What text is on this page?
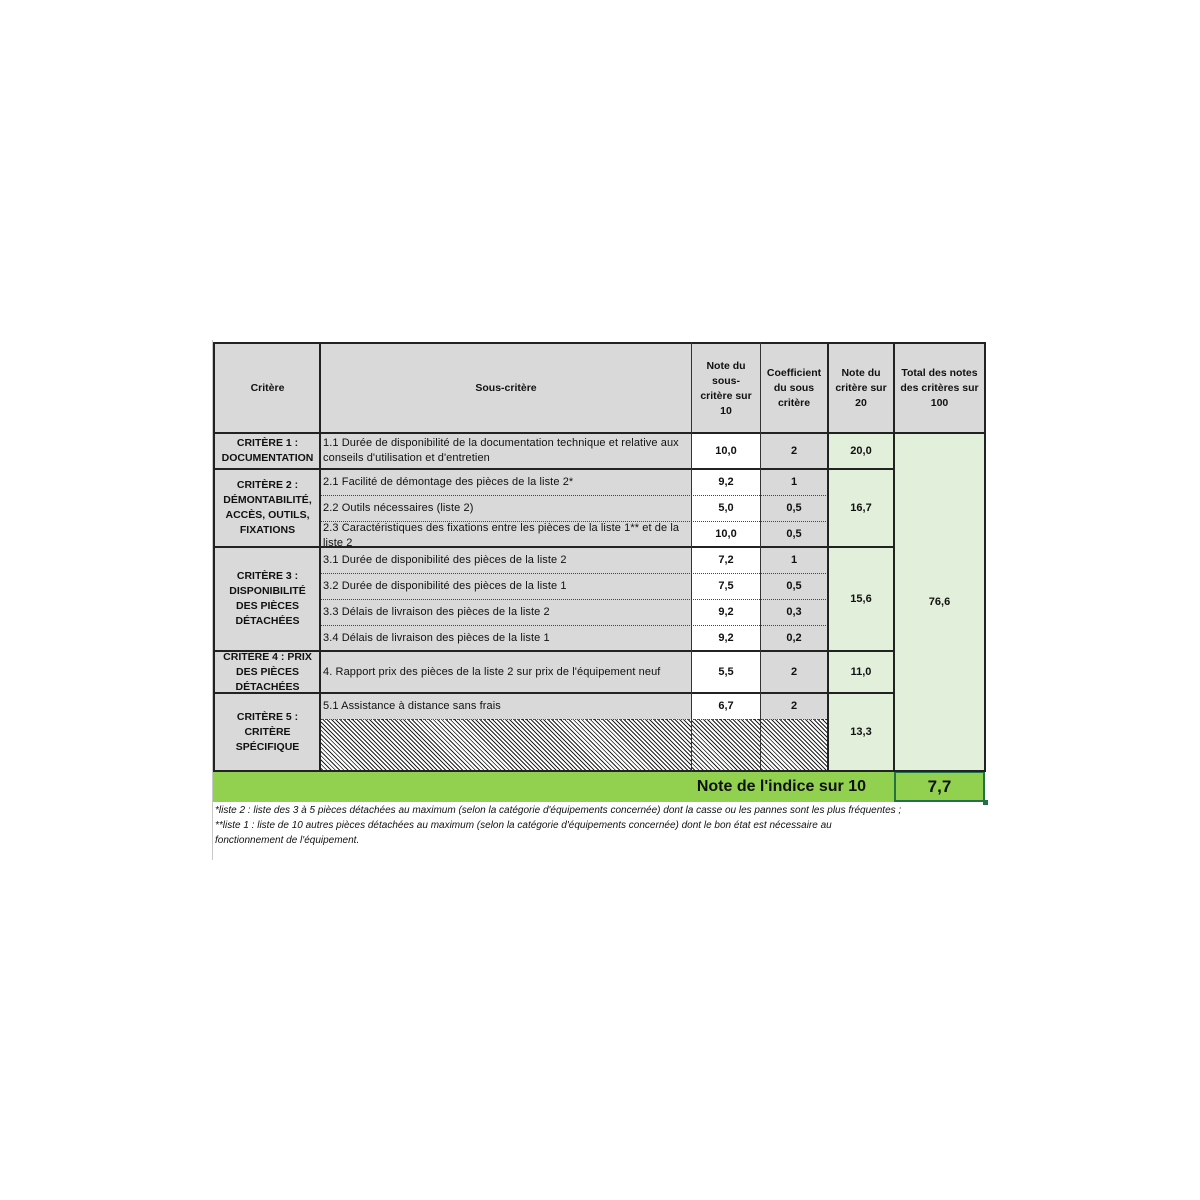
Critère	Sous-critère
Note du sous-critère sur 10
Coefficient du sous critère
Note du critère sur 20
Total des notes des critères sur 100
CRITÈRE 1 : DOCUMENTATION
CRITÈRE 2 : DÉMONTABILITÉ, ACCÈS, OUTILS, FIXATIONS
CRITÈRE 3 : DISPONIBILITÉ DES PIÈCES DÉTACHÉES
CRITÈRE 4 : PRIX DES PIÈCES DÉTACHÉES
CRITÈRE 5 : CRITÈRE SPÉCIFIQUE
1.1 Durée de disponibilité de la documentation technique et relative aux conseils d'utilisation et d'entretien
2.1 Facilité de démontage des pièces de la liste 2*
2.2 Outils nécessaires (liste 2)
2.3 Caractéristiques des fixations entre les pièces de la liste 1** et de la liste 2
3.1 Durée de disponibilité des pièces de la liste 2
3.2 Durée de disponibilité des pièces de la liste 1
3.3 Délais de livraison des pièces de la liste 2
3.4 Délais de livraison des pièces de la liste 1
4. Rapport prix des pièces de la liste 2 sur prix de l'équipement neuf
5.1 Assistance à distance sans frais
10,0
9,2
5,0
10,0
7,2
7,5
9,2
9,2
5,5
6,7
2
1
0,5
0,5
1
0,5
0,3
0,2
2
2
20,0
16,7
15,6
11,0
13,3
76,6
Note de l'indice sur 10	7,7
*liste 2 : liste des 3 à 5 pièces détachées au maximum (selon la catégorie d'équipements concernée) dont la casse ou les pannes sont les plus fréquentes ;
**liste 1 : liste de 10 autres pièces détachées au maximum (selon la catégorie d'équipements concernée) dont le bon état est nécessaire au
fonctionnement de l'équipement.
